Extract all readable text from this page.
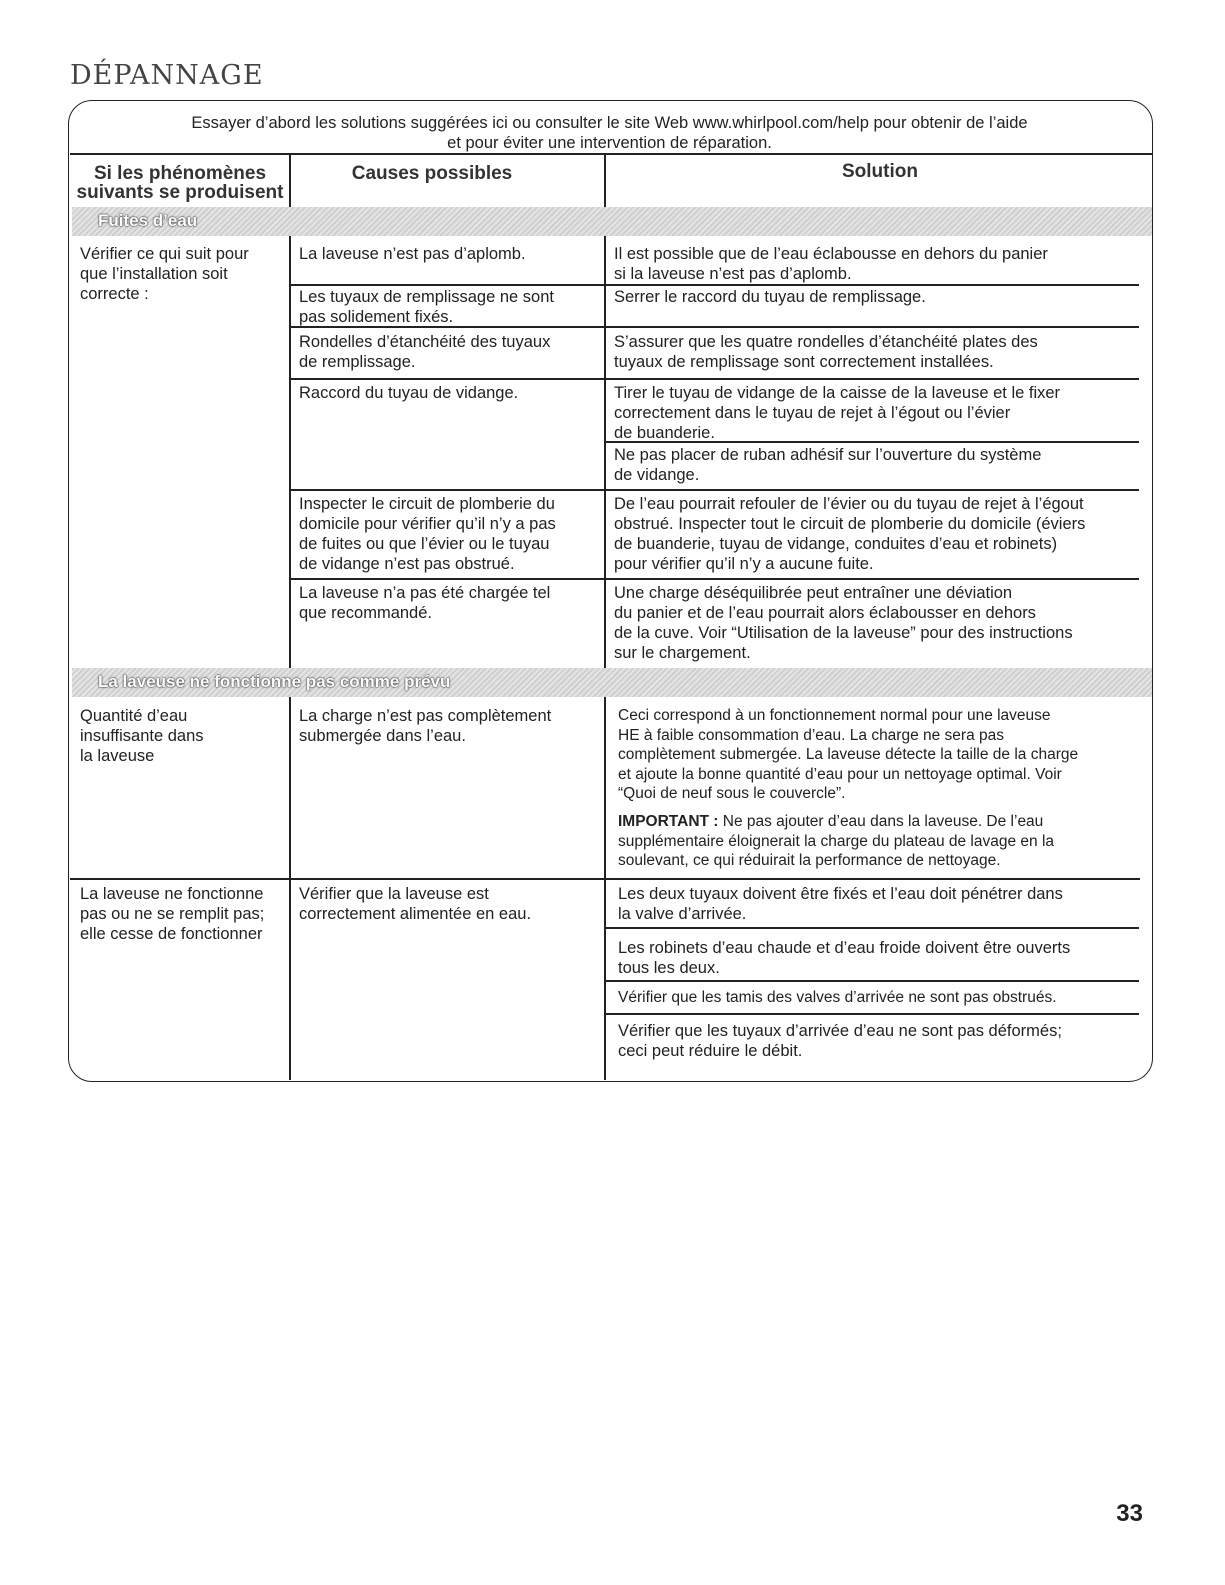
DÉPANNAGE
Essayer d’abord les solutions suggérées ici ou consulter le site Web www.whirlpool.com/help pour obtenir de l’aide
et pour éviter une intervention de réparation.
Si les phénomènes
suivants se produisent
Causes possibles	Solution
Fuites d’eau
La laveuse ne fonctionne pas comme prévu
Vérifier ce qui suit pour
que l’installation soit
correcte :
La laveuse n’est pas d’aplomb.
Les tuyaux de remplissage ne sont
pas solidement fixés.
Rondelles d’étanchéité des tuyaux
de remplissage.
Raccord du tuyau de vidange.
Inspecter le circuit de plomberie du
domicile pour vérifier qu’il n’y a pas
de fuites ou que l’évier ou le tuyau
de vidange n’est pas obstrué.
La laveuse n’a pas été chargée tel
que recommandé.
Il est possible que de l’eau éclabousse en dehors du panier
si la laveuse n’est pas d’aplomb.
Serrer le raccord du tuyau de remplissage.
S’assurer que les quatre rondelles d’étanchéité plates des
tuyaux de remplissage sont correctement installées.
Tirer le tuyau de vidange de la caisse de la laveuse et le fixer
correctement dans le tuyau de rejet à l’égout ou l’évier
de buanderie.
Ne pas placer de ruban adhésif sur l’ouverture du système
de vidange.
De l’eau pourrait refouler de l’évier ou du tuyau de rejet à l’égout
obstrué. Inspecter tout le circuit de plomberie du domicile (éviers
de buanderie, tuyau de vidange, conduites d’eau et robinets)
pour vérifier qu’il n’y a aucune fuite.
Une charge déséquilibrée peut entraîner une déviation
du panier et de l’eau pourrait alors éclabousser en dehors
de la cuve. Voir “Utilisation de la laveuse” pour des instructions
sur le chargement.
Quantité d’eau
insuffisante dans
la laveuse
La charge n’est pas complètement
submergée dans l’eau.
Ceci correspond à un fonctionnement normal pour une laveuse
HE à faible consommation d’eau. La charge ne sera pas
complètement submergée. La laveuse détecte la taille de la charge
et ajoute la bonne quantité d’eau pour un nettoyage optimal. Voir
“Quoi de neuf sous le couvercle”.
IMPORTANT : Ne pas ajouter d’eau dans la laveuse. De l’eau
supplémentaire éloignerait la charge du plateau de lavage en la
soulevant, ce qui réduirait la performance de nettoyage.
La laveuse ne fonctionne
pas ou ne se remplit pas;
elle cesse de fonctionner
Vérifier que la laveuse est
correctement alimentée en eau.
Les deux tuyaux doivent être fixés et l’eau doit pénétrer dans
la valve d’arrivée.
Les robinets d’eau chaude et d’eau froide doivent être ouverts
tous les deux.
Vérifier que les tamis des valves d’arrivée ne sont pas obstrués.
Vérifier que les tuyaux d’arrivée d’eau ne sont pas déformés;
ceci peut réduire le débit.
33
